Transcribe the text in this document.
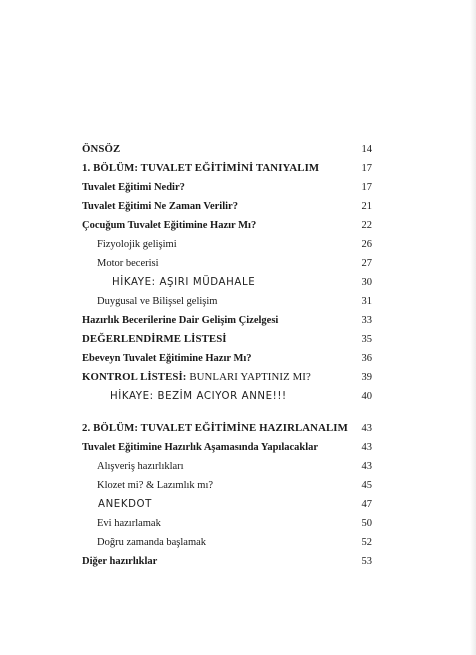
ÖNSÖZ	14
1. BÖLÜM: TUVALET EĞİTİMİNİ TANIYALIM	17
Tuvalet Eğitimi Nedir?	17
Tuvalet Eğitimi Ne Zaman Verilir?	21
Çocuğum Tuvalet Eğitimine Hazır Mı?	22
Fizyolojik gelişimi	26
Motor becerisi	27
HİKAYE: AŞIRI MÜDAHALE	30
Duygusal ve Bilişsel gelişim	31
Hazırlık Becerilerine Dair Gelişim Çizelgesi	33
DEĞERLENDİRME LİSTESİ	35
Ebeveyn Tuvalet Eğitimine Hazır Mı?	36
KONTROL LİSTESİ: BUNLARI YAPTINIZ MI?	39
HİKAYE: BEZİM ACIYOR ANNE!!!	40
2. BÖLÜM: TUVALET EĞİTİMİNE HAZIRLANALIM	43
Tuvalet Eğitimine Hazırlık Aşamasında Yapılacaklar	43
Alışveriş hazırlıkları	43
Klozet mi? & Lazımlık mı?	45
ANEKDOT	47
Evi hazırlamak	50
Doğru zamanda başlamak	52
Diğer hazırlıklar	53
